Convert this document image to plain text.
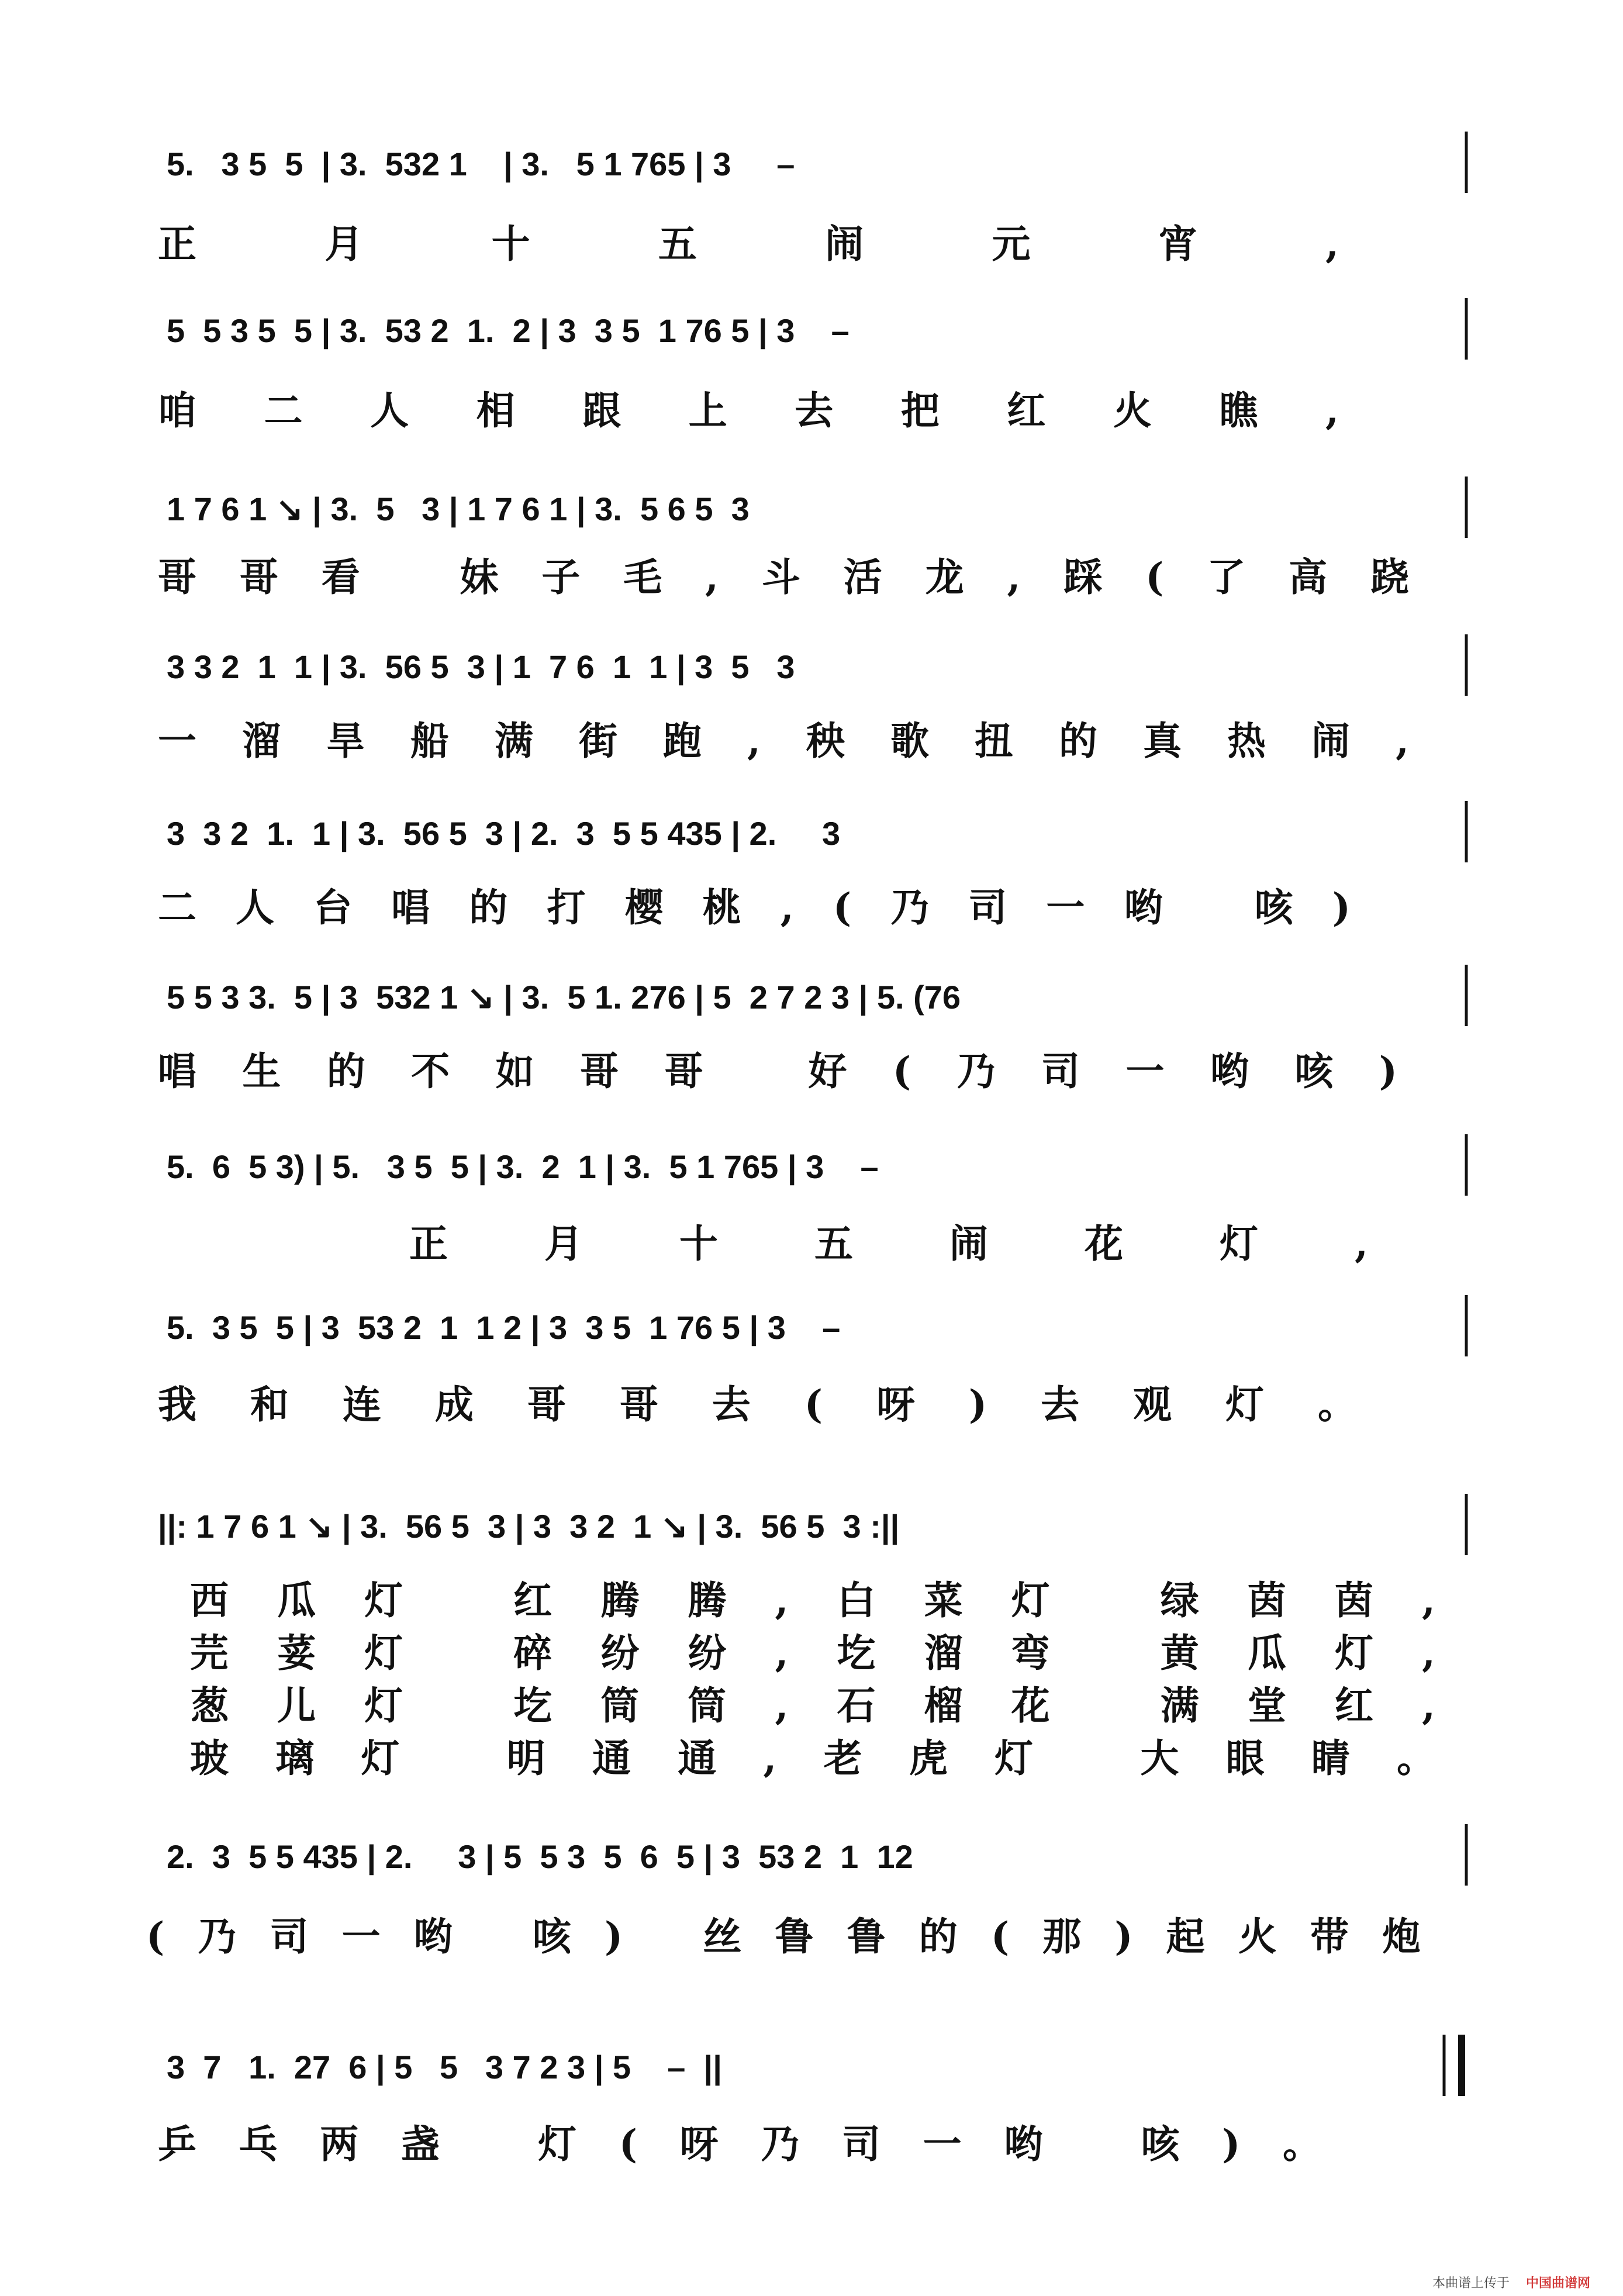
5.   3 5  5  | 3.  532 1    | 3.   5 1 765 | 3     –
正月十五闹元宵,
5  5 3 5  5 | 3.  53 2  1.  2 | 3  3 5  1 76 5 | 3    –
咱二人相跟上去把红火瞧,
1 7 6 1 ↘ | 3.  5   3 | 1 7 6 1 | 3.  5 6 5  3
哥哥看 妹子毛,斗活龙,踩(了高跷
3 3 2  1  1 | 3.  56 5  3 | 1  7 6  1  1 | 3  5   3
一溜旱船满街跑,秧歌扭的真热闹,
3  3 2  1.  1 | 3.  56 5  3 | 2.  3  5 5 435 | 2.     3
二人台唱的打樱桃,(乃司一哟 咳)
5 5 3 3.  5 | 3  532 1 ↘ | 3.  5 1. 276 | 5  2 7 2 3 | 5. (76
唱生的不如哥哥 好(乃司一哟咳)
5.  6  5 3) | 5.   3 5  5 | 3.  2  1 | 3.  5 1 765 | 3    –
正月十五闹花灯,
5.  3 5  5 | 3  53 2  1  1 2 | 3  3 5  1 76 5 | 3    –
我和连成哥哥去(呀)去观灯。
||: 1 7 6 1 ↘ | 3.  56 5  3 | 3  3 2  1 ↘ | 3.  56 5  3 :||
西瓜灯 红腾腾,白菜灯 绿茵茵,
芫荽灯 碎纷纷,圪溜弯 黄瓜灯,
葱儿灯 圪筒筒,石榴花 满堂红,
玻璃灯 明通通,老虎灯 大眼睛。
2.  3  5 5 435 | 2.     3 | 5  5 3  5  6  5 | 3  53 2  1  12
(乃司一哟 咳) 丝鲁鲁的(那)起火带炮
3  7   1.  27  6 | 5   5   3 7 2 3 | 5    –  ||
乒乓两盏 灯(呀乃司一哟 咳)。
本曲谱上传于 中国曲谱网
